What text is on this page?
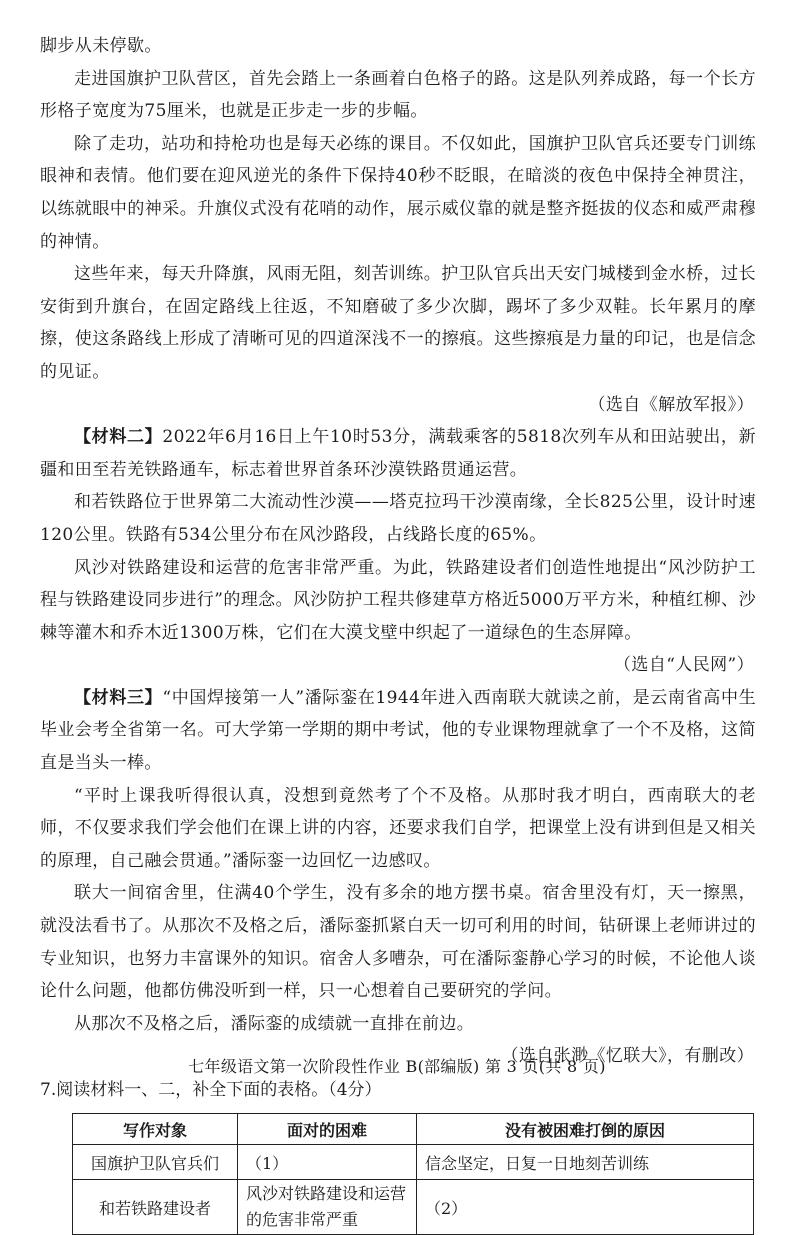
脚步从未停歇。

走进国旗护卫队营区，首先会踏上一条画着白色格子的路。这是队列养成路，每一个长方形格子宽度为75厘米，也就是正步走一步的步幅。

除了走功，站功和持枪功也是每天必练的课目。不仅如此，国旗护卫队官兵还要专门训练眼神和表情。他们要在迎风逆光的条件下保持40秒不眨眼，在暗淡的夜色中保持全神贯注，以练就眼中的神采。升旗仪式没有花哨的动作，展示威仪靠的就是整齐挺拔的仪态和威严肃穆的神情。

这些年来，每天升降旗，风雨无阻，刻苦训练。护卫队官兵出天安门城楼到金水桥，过长安街到升旗台，在固定路线上往返，不知磨破了多少次脚，踢坏了多少双鞋。长年累月的摩擦，使这条路线上形成了清晰可见的四道深浅不一的擦痕。这些擦痕是力量的印记，也是信念的见证。

（选自《解放军报》）

【材料二】2022年6月16日上午10时53分，满载乘客的5818次列车从和田站驶出，新疆和田至若羌铁路通车，标志着世界首条环沙漠铁路贯通运营。

和若铁路位于世界第二大流动性沙漠——塔克拉玛干沙漠南缘，全长825公里，设计时速120公里。铁路有534公里分布在风沙路段，占线路长度的65%。

风沙对铁路建设和运营的危害非常严重。为此，铁路建设者们创造性地提出“风沙防护工程与铁路建设同步进行”的理念。风沙防护工程共修建草方格近5000万平方米，种植红柳、沙棘等灌木和乔木近1300万株，它们在大漠戈壁中织起了一道绿色的生态屏障。

（选自“人民网”）

【材料三】“中国焊接第一人”潘际銮在1944年进入西南联大就读之前，是云南省高中生毕业会考全省第一名。可大学第一学期的期中考试，他的专业课物理就拿了一个不及格，这简直是当头一棒。

“平时上课我听得很认真，没想到竟然考了个不及格。从那时我才明白，西南联大的老师，不仅要求我们学会他们在课上讲的内容，还要求我们自学，把课堂上没有讲到但是又相关的原理，自己融会贯通。”潘际銮一边回忆一边感叹。

联大一间宿舍里，住满40个学生，没有多余的地方摆书桌。宿舍里没有灯，天一擦黑，就没法看书了。从那次不及格之后，潘际銮抓紧白天一切可利用的时间，钻研课上老师讲过的专业知识，也努力丰富课外的知识。宿舍人多嘈杂，可在潘际銮静心学习的时候，不论他人谈论什么问题，他都仿佛没听到一样，只一心想着自己要研究的学问。

从那次不及格之后，潘际銮的成绩就一直排在前边。

（选自张渺《忆联大》，有删改）

7.阅读材料一、二，补全下面的表格。（4分）
写作对象	面对的困难	没有被困难打倒的原因
国旗护卫队官兵们	（1）	信念坚定，日复一日地刻苦训练
和若铁路建设者	风沙对铁路建设和运营的危害非常严重	（2）
七年级语文第一次阶段性作业 B(部编版) 第 3 页(共 8 页)
